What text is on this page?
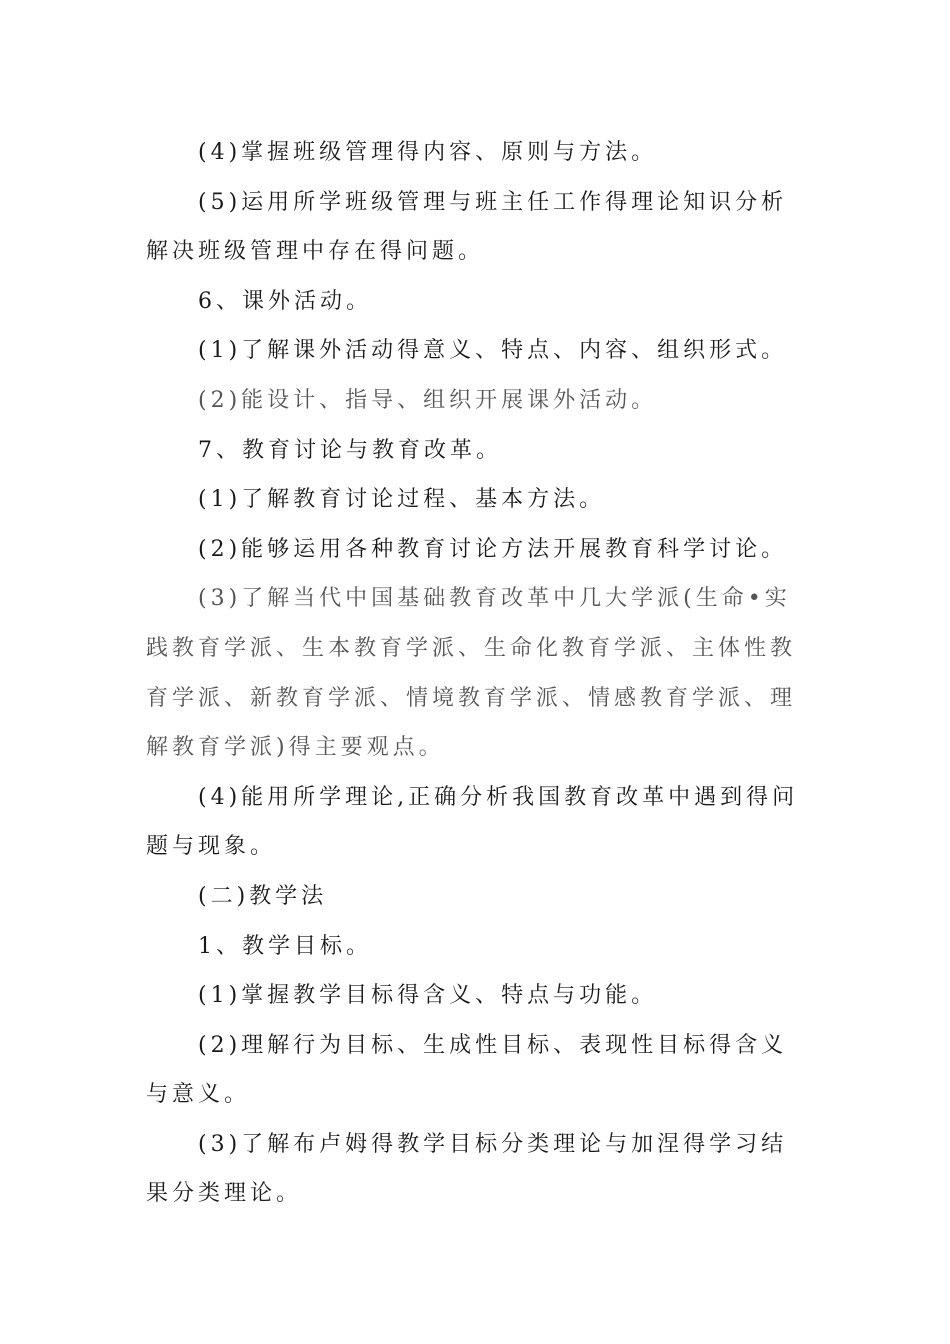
(4)掌握班级管理得内容、原则与方法。

(5)运用所学班级管理与班主任工作得理论知识分析解决班级管理中存在得问题。

6、课外活动。

(1)了解课外活动得意义、特点、内容、组织形式。

(2)能设计、指导、组织开展课外活动。

7、教育讨论与教育改革。

(1)了解教育讨论过程、基本方法。

(2)能够运用各种教育讨论方法开展教育科学讨论。

(3)了解当代中国基础教育改革中几大学派(生命•实践教育学派、生本教育学派、生命化教育学派、主体性教育学派、新教育学派、情境教育学派、情感教育学派、理解教育学派)得主要观点。

(4)能用所学理论,正确分析我国教育改革中遇到得问题与现象。

(二)教学法

1、教学目标。

(1)掌握教学目标得含义、特点与功能。

(2)理解行为目标、生成性目标、表现性目标得含义与意义。

(3)了解布卢姆得教学目标分类理论与加涅得学习结果分类理论。
